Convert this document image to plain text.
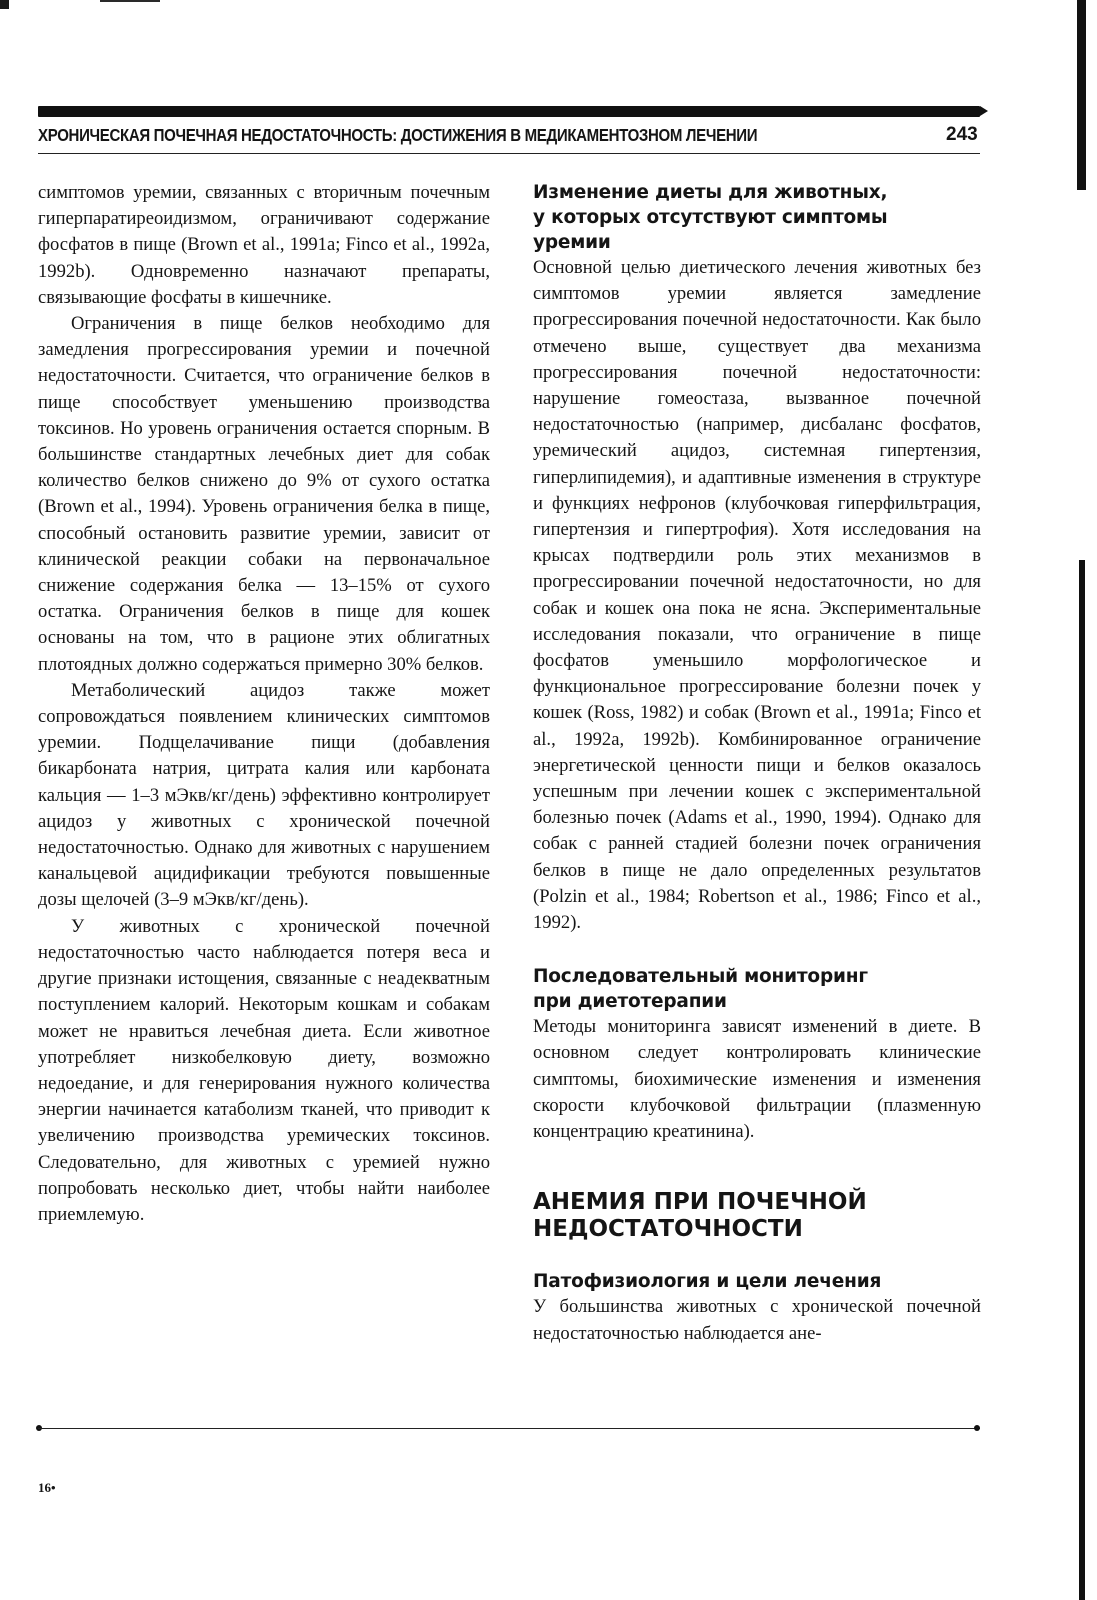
ХРОНИЧЕСКАЯ ПОЧЕЧНАЯ НЕДОСТАТОЧНОСТЬ: ДОСТИЖЕНИЯ В МЕДИКАМЕНТОЗНОМ ЛЕЧЕНИИ	243

симптомов уремии, связанных с вторичным почечным гиперпаратиреоидизмом, ограничивают содержание фосфатов в пище (Brown et al., 1991a; Finco et al., 1992a, 1992b). Одновременно назначают препараты, связывающие фосфаты в кишечнике.

Ограничения в пище белков необходимо для замедления прогрессирования уремии и почечной недостаточности. Считается, что ограничение белков в пище способствует уменьшению производства токсинов. Но уровень ограничения остается спорным. В большинстве стандартных лечебных диет для собак количество белков снижено до 9% от сухого остатка (Brown et al., 1994). Уровень ограничения белка в пище, способный остановить развитие уремии, зависит от клинической реакции собаки на первоначальное снижение содержания белка — 13–15% от сухого остатка. Ограничения белков в пище для кошек основаны на том, что в рационе этих облигатных плотоядных должно содержаться примерно 30% белков.

Метаболический ацидоз также может сопровождаться появлением клинических симптомов уремии. Подщелачивание пищи (добавления бикарбоната натрия, цитрата калия или карбоната кальция — 1–3 мЭкв/кг/день) эффективно контролирует ацидоз у животных с хронической почечной недостаточностью. Однако для животных с нарушением канальцевой ацидификации требуются повышенные дозы щелочей (3–9 мЭкв/кг/день).

У животных с хронической почечной недостаточностью часто наблюдается потеря веса и другие признаки истощения, связанные с неадекватным поступлением калорий. Некоторым кошкам и собакам может не нравиться лечебная диета. Если животное употребляет низкобелковую диету, возможно недоедание, и для генерирования нужного количества энергии начинается катаболизм тканей, что приводит к увеличению производства уремических токсинов. Следовательно, для животных с уремией нужно попробовать несколько диет, чтобы найти наиболее приемлемую.

Изменение диеты для животных,
у которых отсутствуют симптомы
уремии

Основной целью диетического лечения животных без симптомов уремии является замедление прогрессирования почечной недостаточности. Как было отмечено выше, существует два механизма прогрессирования почечной недостаточности: нарушение гомеостаза, вызванное почечной недостаточностью (например, дисбаланс фосфатов, уремический ацидоз, системная гипертензия, гиперлипидемия), и адаптивные изменения в структуре и функциях нефронов (клубочковая гиперфильтрация, гипертензия и гипертрофия). Хотя исследования на крысах подтвердили роль этих механизмов в прогрессировании почечной недостаточности, но для собак и кошек она пока не ясна. Экспериментальные исследования показали, что ограничение в пище фосфатов уменьшило морфологическое и функциональное прогрессирование болезни почек у кошек (Ross, 1982) и собак (Brown et al., 1991a; Finco et al., 1992a, 1992b). Комбинированное ограничение энергетической ценности пищи и белков оказалось успешным при лечении кошек с экспериментальной болезнью почек (Adams et al., 1990, 1994). Однако для собак с ранней стадией болезни почек ограничения белков в пище не дало определенных результатов (Polzin et al., 1984; Robertson et al., 1986; Finco et al., 1992).

Последовательный мониторинг
при диетотерапии

Методы мониторинга зависят изменений в диете. В основном следует контролировать клинические симптомы, биохимические изменения и изменения скорости клубочковой фильтрации (плазменную концентрацию креатинина).

АНЕМИЯ ПРИ ПОЧЕЧНОЙ
НЕДОСТАТОЧНОСТИ
Патофизиология и цели лечения

У большинства животных с хронической почечной недостаточностью наблюдается ане-

16•
